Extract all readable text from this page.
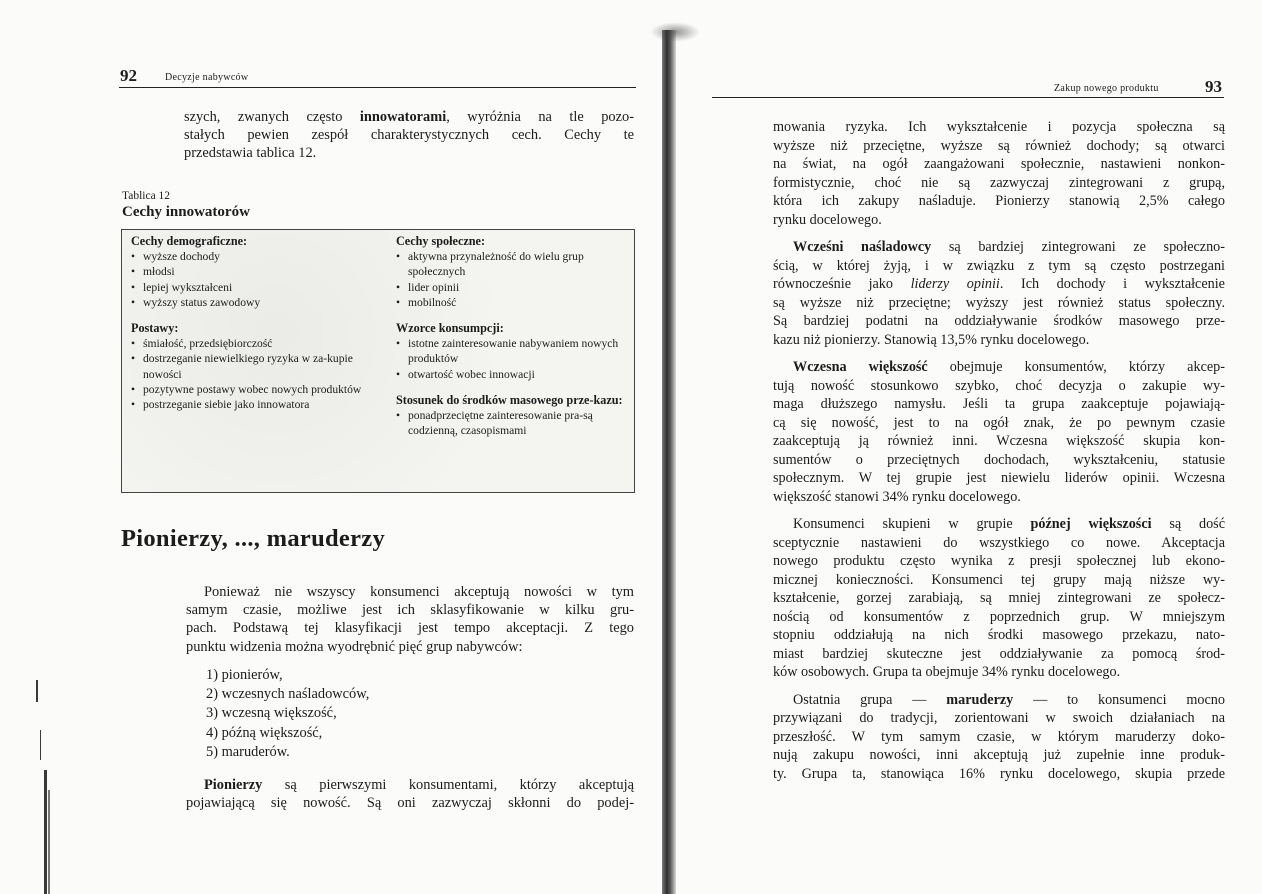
92	Decyzje nabywców
szych, zwanych często innowatorami, wyróżnia na tle pozo-
stałych pewien zespół charakterystycznych cech. Cechy te
przedstawia tablica 12.
Tablica 12
Cechy innowatorów
Cechy demograficzne:
• wyższe dochody
• młodsi
• lepiej wykształceni
• wyższy status zawodowy
Postawy:
• śmiałość, przedsiębiorczość
• dostrzeganie niewielkiego ryzyka w za-kupie nowości
• pozytywne postawy wobec nowych produktów
• postrzeganie siebie jako innowatora
Cechy społeczne:
• aktywna przynależność do wielu grup społecznych
• lider opinii
• mobilność
Wzorce konsumpcji:
• istotne zainteresowanie nabywaniem nowych produktów
• otwartość wobec innowacji
Stosunek do środków masowego prze-kazu:
• ponadprzeciętne zainteresowanie pra-są codzienną, czasopismami
Pionierzy, ..., maruderzy
Ponieważ nie wszyscy konsumenci akceptują nowości w tym
samym czasie, możliwe jest ich sklasyfikowanie w kilku gru-
pach. Podstawą tej klasyfikacji jest tempo akceptacji. Z tego
punktu widzenia można wyodrębnić pięć grup nabywców:
1) pionierów,
2) wczesnych naśladowców,
3) wczesną większość,
4) późną większość,
5) maruderów.
Pionierzy są pierwszymi konsumentami, którzy akceptują
pojawiającą się nowość. Są oni zazwyczaj skłonni do podej-
Zakup nowego produktu	93
mowania ryzyka. Ich wykształcenie i pozycja społeczna są
wyższe niż przeciętne, wyższe są również dochody; są otwarci
na świat, na ogół zaangażowani społecznie, nastawieni nonkon-
formistycznie, choć nie są zazwyczaj zintegrowani z grupą,
która ich zakupy naśladuje. Pionierzy stanowią 2,5% całego
rynku docelowego.
Wcześni naśladowcy są bardziej zintegrowani ze społeczno-
ścią, w której żyją, i w związku z tym są często postrzegani
równocześnie jako liderzy opinii. Ich dochody i wykształcenie
są wyższe niż przeciętne; wyższy jest również status społeczny.
Są bardziej podatni na oddziaływanie środków masowego prze-
kazu niż pionierzy. Stanowią 13,5% rynku docelowego.
Wczesna większość obejmuje konsumentów, którzy akcep-
tują nowość stosunkowo szybko, choć decyzja o zakupie wy-
maga dłuższego namysłu. Jeśli ta grupa zaakceptuje pojawiają-
cą się nowość, jest to na ogół znak, że po pewnym czasie
zaakceptują ją również inni. Wczesna większość skupia kon-
sumentów o przeciętnych dochodach, wykształceniu, statusie
społecznym. W tej grupie jest niewielu liderów opinii. Wczesna
większość stanowi 34% rynku docelowego.
Konsumenci skupieni w grupie późnej większości są dość
sceptycznie nastawieni do wszystkiego co nowe. Akceptacja
nowego produktu często wynika z presji społecznej lub ekono-
micznej konieczności. Konsumenci tej grupy mają niższe wy-
kształcenie, gorzej zarabiają, są mniej zintegrowani ze społecz-
nością od konsumentów z poprzednich grup. W mniejszym
stopniu oddziałują na nich środki masowego przekazu, nato-
miast bardziej skuteczne jest oddziaływanie za pomocą środ-
ków osobowych. Grupa ta obejmuje 34% rynku docelowego.
Ostatnia grupa — maruderzy — to konsumenci mocno
przywiązani do tradycji, zorientowani w swoich działaniach na
przeszłość. W tym samym czasie, w którym maruderzy doko-
nują zakupu nowości, inni akceptują już zupełnie inne produk-
ty. Grupa ta, stanowiąca 16% rynku docelowego, skupia przede
